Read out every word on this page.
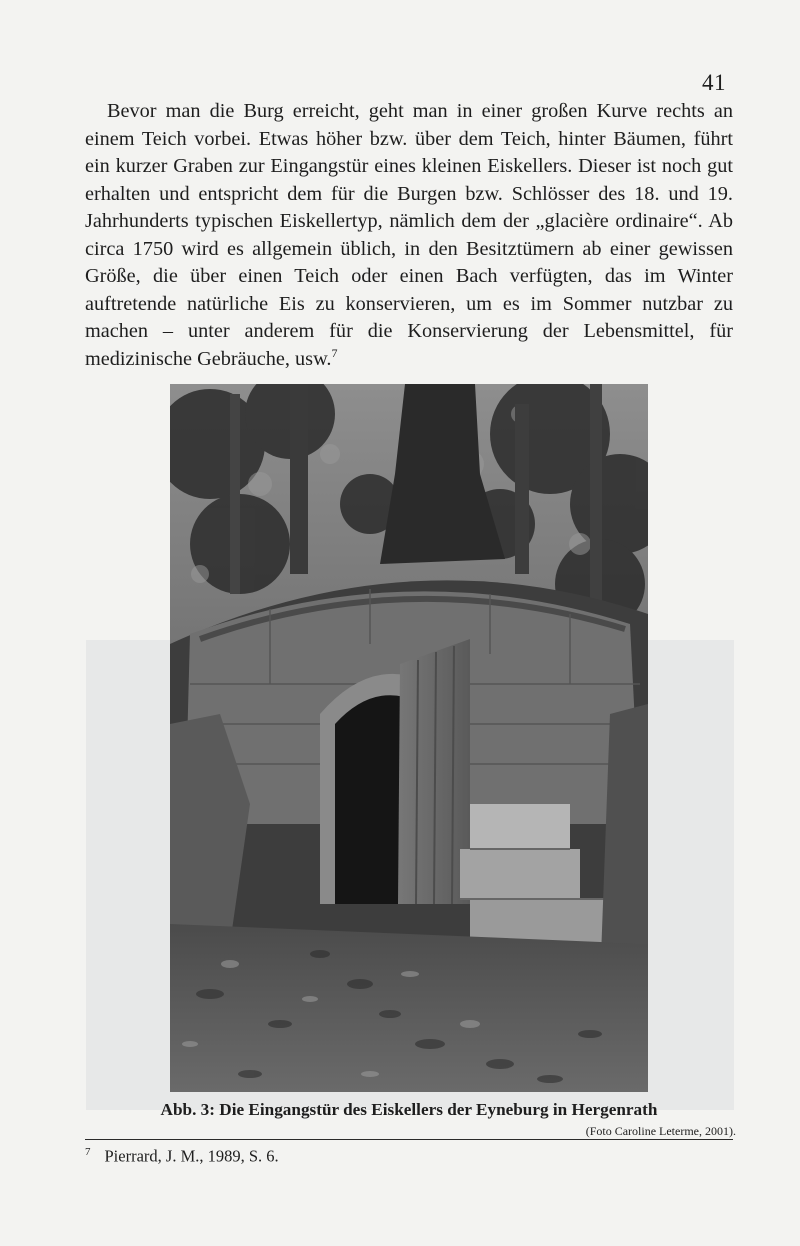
41

Bevor man die Burg erreicht, geht man in einer großen Kurve rechts an einem Teich vorbei. Etwas höher bzw. über dem Teich, hinter Bäumen, führt ein kurzer Graben zur Eingangstür eines kleinen Eiskellers. Dieser ist noch gut erhalten und entspricht dem für die Burgen bzw. Schlösser des 18. und 19. Jahrhunderts typischen Eiskellertyp, nämlich dem der „glacière ordinaire“. Ab circa 1750 wird es allgemein üblich, in den Besitztümern ab einer gewissen Größe, die über einen Teich oder einen Bach verfügten, das im Winter auftretende natürliche Eis zu konservieren, um es im Sommer nutzbar zu machen – unter anderem für die Konservierung der Lebensmittel, für medizinische Gebräuche, usw.$^7$

Abb. 3: Die Eingangstür des Eiskellers der Eyneburg in Hergenrath
(Foto Caroline Leterme, 2001).
$^7$ Pierrard, J. M., 1989, S. 6.
